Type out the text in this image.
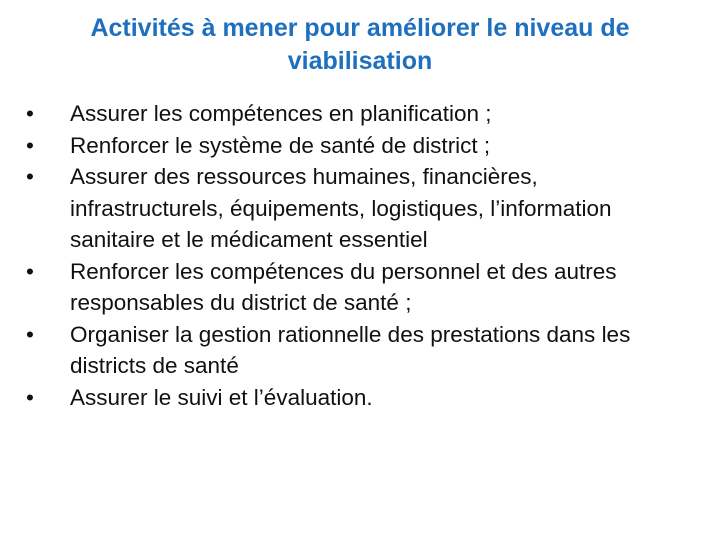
Activités à mener pour améliorer le niveau de viabilisation
•	Assurer les compétences en planification ;
•	Renforcer le système de santé de district ;
•	Assurer des ressources humaines, financières, infrastructurels, équipements, logistiques, l’information sanitaire et le médicament essentiel
•	Renforcer les compétences du personnel et des autres responsables du district de santé ;
•	Organiser la gestion rationnelle des prestations dans les districts de santé
•	Assurer le suivi et l’évaluation.
